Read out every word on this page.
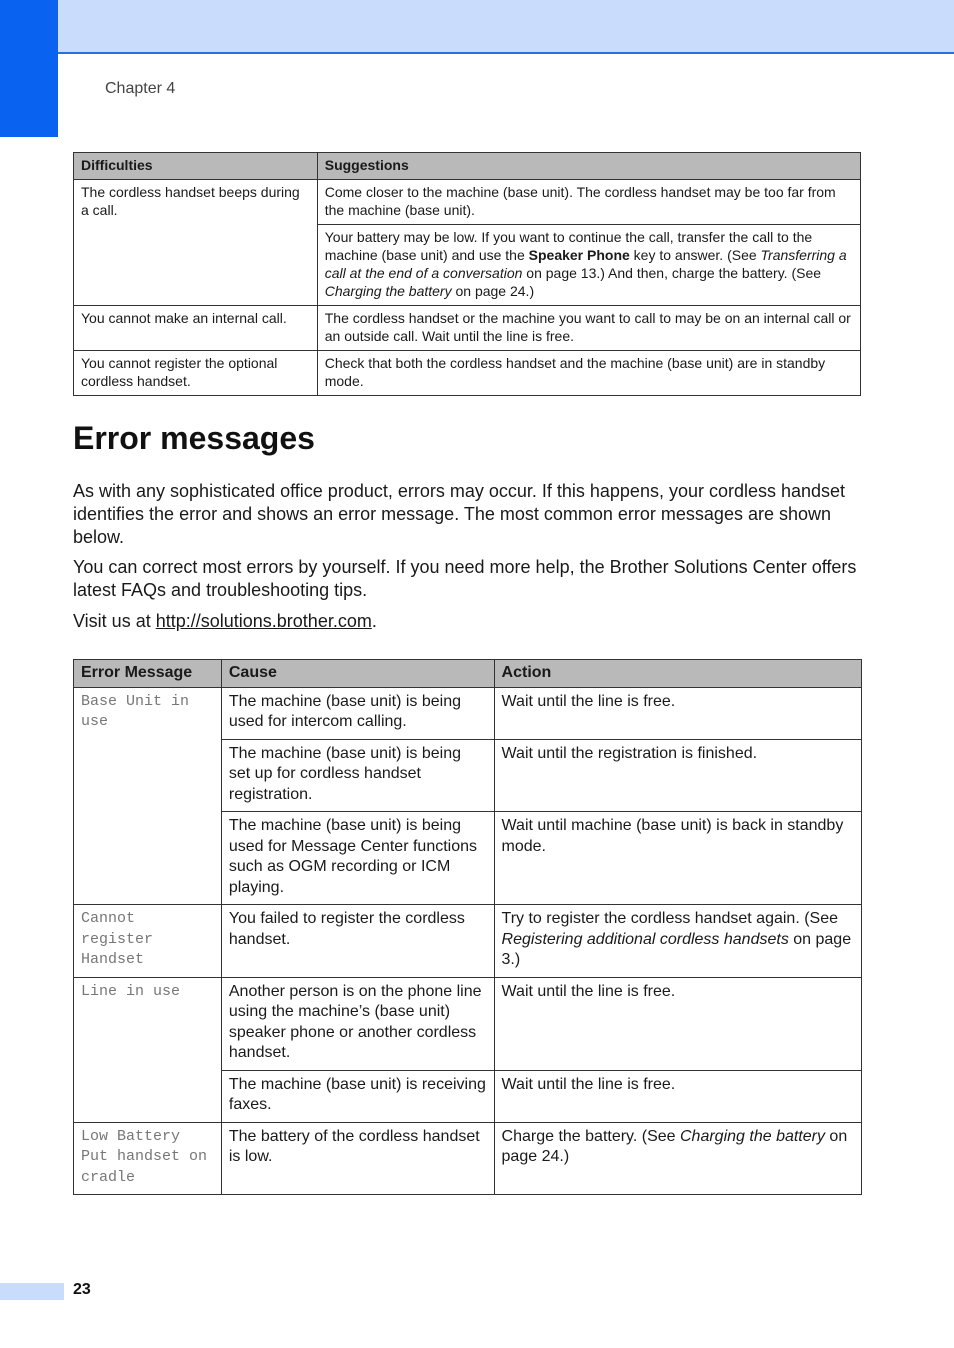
Chapter 4
Difficulties	Suggestions
The cordless handset beeps during a call.	Come closer to the machine (base unit). The cordless handset may be too far from the machine (base unit).
	Your battery may be low. If you want to continue the call, transfer the call to the machine (base unit) and use the Speaker Phone key to answer. (See Transferring a call at the end of a conversation on page 13.) And then, charge the battery. (See Charging the battery on page 24.)
You cannot make an internal call.	The cordless handset or the machine you want to call to may be on an internal call or an outside call. Wait until the line is free.
You cannot register the optional cordless handset.	Check that both the cordless handset and the machine (base unit) are in standby mode.
Error messages

As with any sophisticated office product, errors may occur. If this happens, your cordless handset identifies the error and shows an error message. The most common error messages are shown below.

You can correct most errors by yourself. If you need more help, the Brother Solutions Center offers latest FAQs and troubleshooting tips.

Visit us at http://solutions.brother.com.

Error Message	Cause	Action
Base Unit in use	The machine (base unit) is being used for intercom calling.	Wait until the line is free.
	The machine (base unit) is being set up for cordless handset registration.	Wait until the registration is finished.
	The machine (base unit) is being used for Message Center functions such as OGM recording or ICM playing.	Wait until machine (base unit) is back in standby mode.
Cannot register Handset	You failed to register the cordless handset.	Try to register the cordless handset again. (See Registering additional cordless handsets on page 3.)
Line in use	Another person is on the phone line using the machine’s (base unit) speaker phone or another cordless handset.	Wait until the line is free.
	The machine (base unit) is receiving faxes.	Wait until the line is free.
Low Battery Put handset on cradle	The battery of the cordless handset is low.	Charge the battery. (See Charging the battery on page 24.)
23
